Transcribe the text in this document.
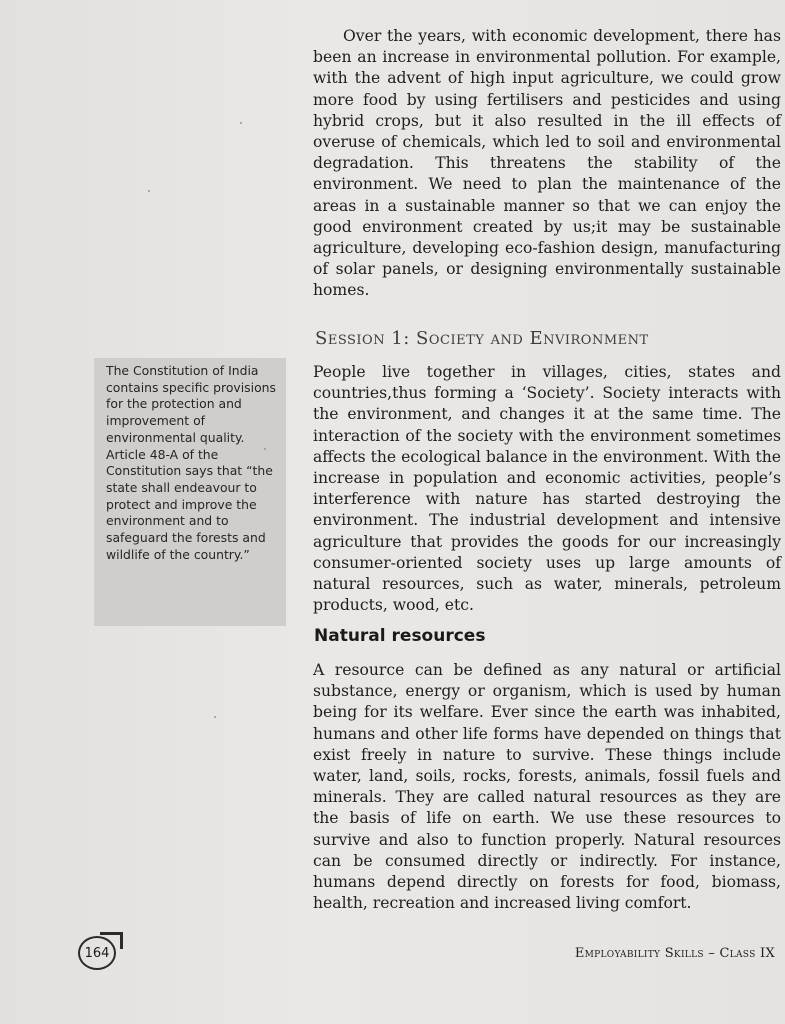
Over the years, with economic development, there has been an increase in environmental pollution. For example, with the advent of high input agriculture, we could grow more food by using fertilisers and pesticides and using hybrid crops, but it also resulted in the ill effects of overuse of chemicals, which led to soil and environmental degradation. This threatens the stability of the environment. We need to plan the maintenance of the areas in a sustainable manner so that we can enjoy the good environment created by us;it may be sustainable agriculture, developing eco-fashion design, manufacturing of solar panels, or designing environmentally sustainable homes.

Session 1: Society and Environment

People live together in villages, cities, states and countries,thus forming a ‘Society’. Society interacts with the environment, and changes it at the same time. The interaction of the society with the environment sometimes affects the ecological balance in the environment. With the increase in population and economic activities, people’s interference with nature has started destroying the environment. The industrial development and intensive agriculture that provides the goods for our increasingly consumer-oriented society uses up large amounts of natural resources, such as water, minerals, petroleum products, wood, etc.

The Constitution of India contains specific provisions for the protection and improvement of environmental quality. Article 48-A of the Constitution says that “the state shall endeavour to protect and improve the environment and to safeguard the forests and wildlife of the country.”

Natural resources

A resource can be defined as any natural or artificial substance, energy or organism, which is used by human being for its welfare. Ever since the earth was inhabited, humans and other life forms have depended on things that exist freely in nature to survive. These things include water, land, soils, rocks, forests, animals, fossil fuels and minerals. They are called natural resources as they are the basis of life on earth. We use these resources to survive and also to function properly. Natural resources can be consumed directly or indirectly. For instance, humans depend directly on forests for food, biomass, health, recreation and increased living comfort.

164	Employability Skills – Class IX
